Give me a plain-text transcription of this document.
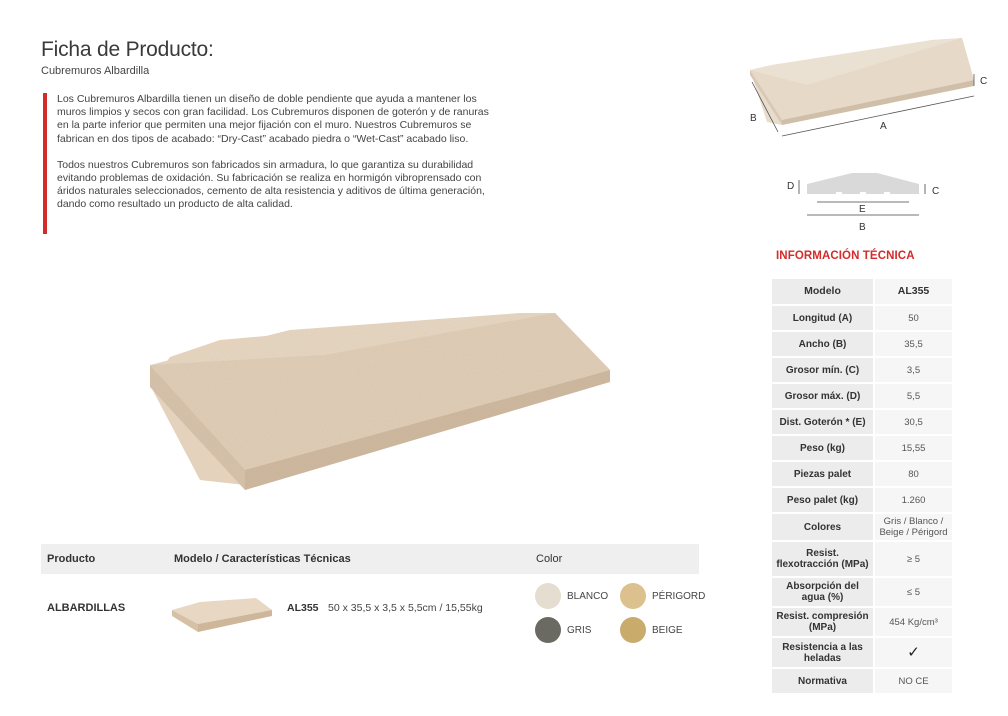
Ficha de Producto:
Cubremuros Albardilla

Los Cubremuros Albardilla tienen un diseño de doble pendiente que ayuda a mantener los muros limpios y secos con gran facilidad. Los Cubremuros disponen de goterón y de ranuras en la parte inferior que permiten una mejor fijación con el muro. Nuestros Cubremuros se fabrican en dos tipos de acabado: “Dry-Cast” acabado piedra o “Wet-Cast” acabado liso.

Todos nuestros Cubremuros son fabricados sin armadura, lo que garantiza su durabilidad evitando problemas de oxidación. Su fabricación se realiza en hormigón vibroprensado con áridos naturales seleccionados, cemento de alta resistencia y aditivos de última generación, dando como resultado un producto de alta calidad.

Producto	Modelo / Características Técnicas	Color
ALBARDILLAS	AL355 50 x 35,5 x 3,5 x 5,5cm / 15,55kg
BLANCO	PÉRIGORD
GRIS	BEIGE
B
A
C
D	C
E
B
INFORMACIÓN TÉCNICA
Modelo	AL355
Longitud (A)	50
Ancho (B)	35,5
Grosor mín. (C)	3,5
Grosor máx. (D)	5,5
Dist. Goterón * (E)	30,5
Peso (kg)	15,55
Piezas palet	80
Peso palet (kg)	1.260
Colores	Gris / Blanco / Beige / Périgord
Resist. flexotracción (MPa)	≥ 5
Absorpción del agua (%)	≤ 5
Resist. compresión (MPa)	454 Kg/cm³
Resistencia a las heladas	✓
Normativa	NO CE
